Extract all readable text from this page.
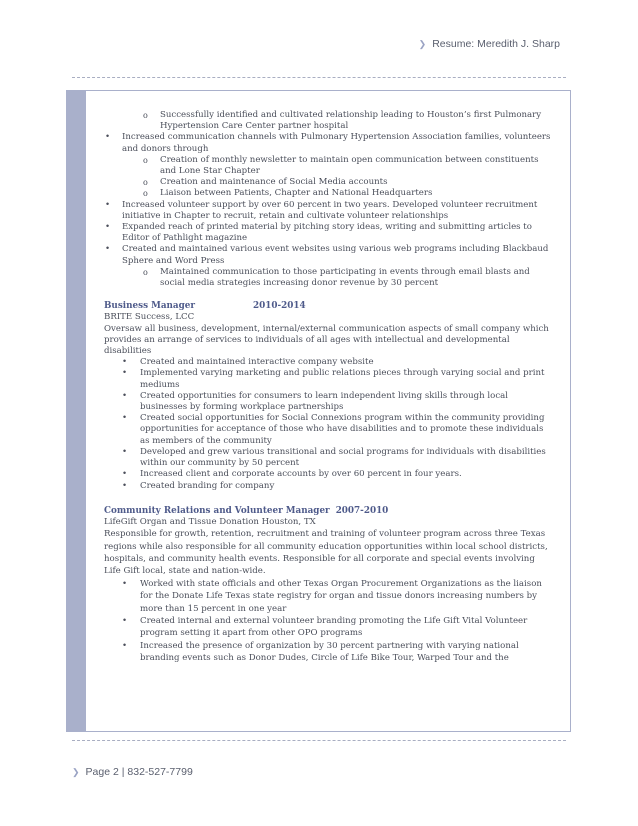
❯ Resume: Meredith J. Sharp
o Successfully identified and cultivated relationship leading to Houston’s first Pulmonary Hypertension Care Center partner hospital
• Increased communication channels with Pulmonary Hypertension Association families, volunteers and donors through
o Creation of monthly newsletter to maintain open communication between constituents and Lone Star Chapter
o Creation and maintenance of Social Media accounts
o Liaison between Patients, Chapter and National Headquarters
• Increased volunteer support by over 60 percent in two years. Developed volunteer recruitment initiative in Chapter to recruit, retain and cultivate volunteer relationships
• Expanded reach of printed material by pitching story ideas, writing and submitting articles to Editor of Pathlight magazine
• Created and maintained various event websites using various web programs including Blackbaud Sphere and Word Press
o Maintained communication to those participating in events through email blasts and social media strategies increasing donor revenue by 30 percent
Business Manager	2010-2014

BRITE Success, LCC

Oversaw all business, development, internal/external communication aspects of small company which provides an arrange of services to individuals of all ages with intellectual and developmental disabilities

• Created and maintained interactive company website
• Implemented varying marketing and public relations pieces through varying social and print mediums
• Created opportunities for consumers to learn independent living skills through local businesses by forming workplace partnerships
• Created social opportunities for Social Connexions program within the community providing opportunities for acceptance of those who have disabilities and to promote these individuals as members of the community
• Developed and grew various transitional and social programs for individuals with disabilities within our community by 50 percent
• Increased client and corporate accounts by over 60 percent in four years.
• Created branding for company
Community Relations and Volunteer Manager 2007-2010

LifeGift Organ and Tissue Donation Houston, TX

Responsible for growth, retention, recruitment and training of volunteer program across three Texas regions while also responsible for all community education opportunities within local school districts, hospitals, and community health events. Responsible for all corporate and special events involving Life Gift local, state and nation-wide.

• Worked with state officials and other Texas Organ Procurement Organizations as the liaison for the Donate Life Texas state registry for organ and tissue donors increasing numbers by more than 15 percent in one year
• Created internal and external volunteer branding promoting the Life Gift Vital Volunteer program setting it apart from other OPO programs
• Increased the presence of organization by 30 percent partnering with varying national branding events such as Donor Dudes, Circle of Life Bike Tour, Warped Tour and the
❯ Page 2 | 832-527-7799
